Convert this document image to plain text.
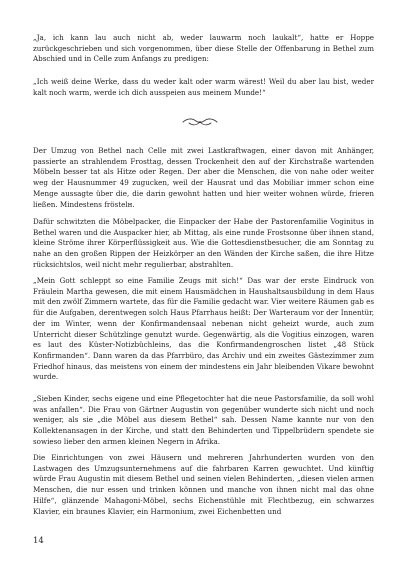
„Ja, ich kann lau auch nicht ab, weder lauwarm noch laukalt“, hatte er Hoppe zurückgeschrieben und sich vorgenommen, über diese Stelle der Offenbarung in Bethel zum Abschied und in Celle zum Anfangs zu predigen:

„Ich weiß deine Werke, dass du weder kalt oder warm wärest! Weil du aber lau bist, weder kalt noch warm, werde ich dich ausspeien aus meinem Munde!“

Der Umzug von Bethel nach Celle mit zwei Lastkraftwagen, einer davon mit Anhänger, passierte an strahlendem Frosttag, dessen Trockenheit den auf der Kirchstraße wartenden Möbeln besser tat als Hitze oder Regen. Der aber die Menschen, die von nahe oder weiter weg der Hausnummer 49 zugucken, weil der Hausrat und das Mobiliar immer schon eine Menge aussagte über die, die darin gewohnt hatten und hier weiter wohnen würde, frieren ließen. Mindestens fröstelн.

Dafür schwitzten die Möbelpacker, die Einpacker der Habe der Pastorenfamilie Voginitus in Bethel waren und die Auspacker hier, ab Mittag, als eine runde Frostsonne über ihnen stand, kleine Ströme ihrer Körperflüssigkeit aus. Wie die Gottesdienstbesucher, die am Sonntag zu nahe an den großen Rippen der Heizkörper an den Wänden der Kirche saßen, die ihre Hitze rücksichtslos, weil nicht mehr regulierbar, abstrahlten.

„Mein Gott schleppt so eine Familie Zeugs mit sich!“ Das war der erste Eindruck von Fräulein Martha gewesen, die mit einem Hausmädchen in Haushaltsausbildung in dem Haus mit den zwölf Zimmern wartete, das für die Familie gedacht war. Vier weitere Räumen gab es für die Aufgaben, derentwegen solch Haus Pfarrhaus heißt: Der Warteraum vor der Innentür, der im Winter, wenn der Konfirmandensaal nebenan nicht geheizt wurde, auch zum Unterricht dieser Schützlinge genutzt wurde. Gegenwärtig, als die Vogitius einzogen, waren es laut des Küster-Notizbüchleins, das die Konfirmandengroschen listet „48 Stück Konfirmanden“. Dann waren da das Pfarrbüro, das Archiv und ein zweites Gästezimmer zum Friedhof hinaus, das meistens von einem der mindestens ein Jahr bleibenden Vikare bewohnt wurde.

„Sieben Kinder, sechs eigene und eine Pflegetochter hat die neue Pastorsfamilie, da soll wohl was anfallen“. Die Frau von Gärtner Augustin von gegenüber wunderte sich nicht und noch weniger, als sie „die Möbel aus diesem Bethel“ sah. Dessen Name kannte nur von den Kollektenansagen in der Kirche, und statt den Behinderten und Tippelbrüdern spendete sie sowieso lieber den armen kleinen Negern in Afrika.

Die Einrichtungen von zwei Häusern und mehreren Jahrhunderten wurden von den Lastwagen des Umzugsunternehmens auf die fahrbaren Karren gewuchtet. Und künftig würde Frau Augustin mit diesem Bethel und seinen vielen Behinderten, „diesen vielen armen Menschen, die nur essen und trinken können und manche von ihnen nicht mal das ohne Hilfe“, glänzende Mahagoni-Möbel, sechs Eichenstühle mit Flechtbezug, ein schwarzes Klavier, ein braunes Klavier, ein Harmonium, zwei Eichenbetten und

14
